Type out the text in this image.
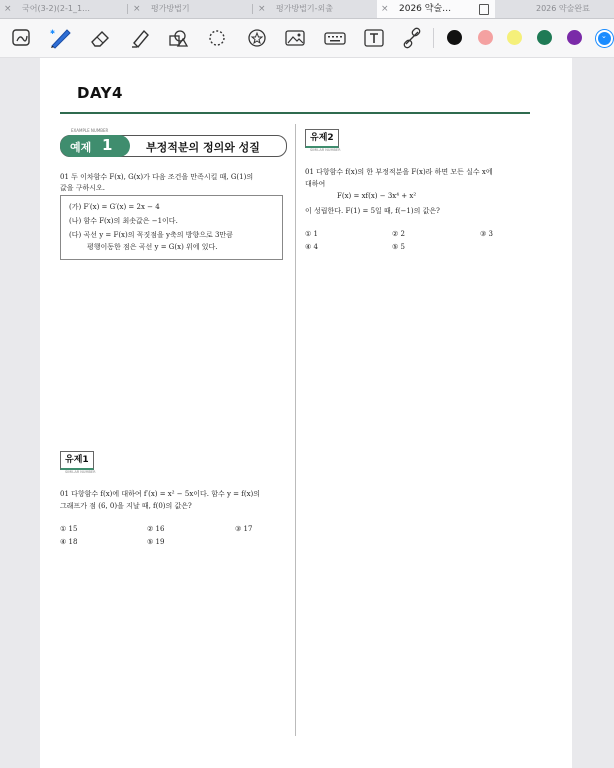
× 국어(3-2)(2-1_1…	× 평가방법기	× 평가방법기-외출	× 2026 약술…	2026 약술완료
✱	⌄
DAY4
EXAMPLE NUMBER
예제 1	부정적분의 정의와 성질
01 두 이차함수 F(x), G(x)가 다음 조건을 만족시킬 때, G(1)의
값을 구하시오.
(가) F′(x) = G′(x) = 2x − 4
(나) 함수 F(x)의 최솟값은 −1이다.
(다) 곡선 y = F(x)의 꼭짓점을 y축의 방향으로 3만큼
평행이동한 점은 곡선 y = G(x) 위에 있다.
유제1
SIMILAR NUMBER
01 다항함수 f(x)에 대하여 f′(x) = x² − 5x이다. 함수 y = f(x)의
그래프가 점 (6, 0)을 지날 때, f(0)의 값은?
① 15	② 16	③ 17
④ 18	⑤ 19
유제2
SIMILAR NUMBER
01 다항함수 f(x)의 한 부정적분을 F(x)라 하면 모든 실수 x에
대하여
F(x) = xf(x) − 3x⁴ + x²
이 성립한다. F(1) = 5일 때, f(−1)의 값은?
① 1	② 2	③ 3
④ 4	⑤ 5
